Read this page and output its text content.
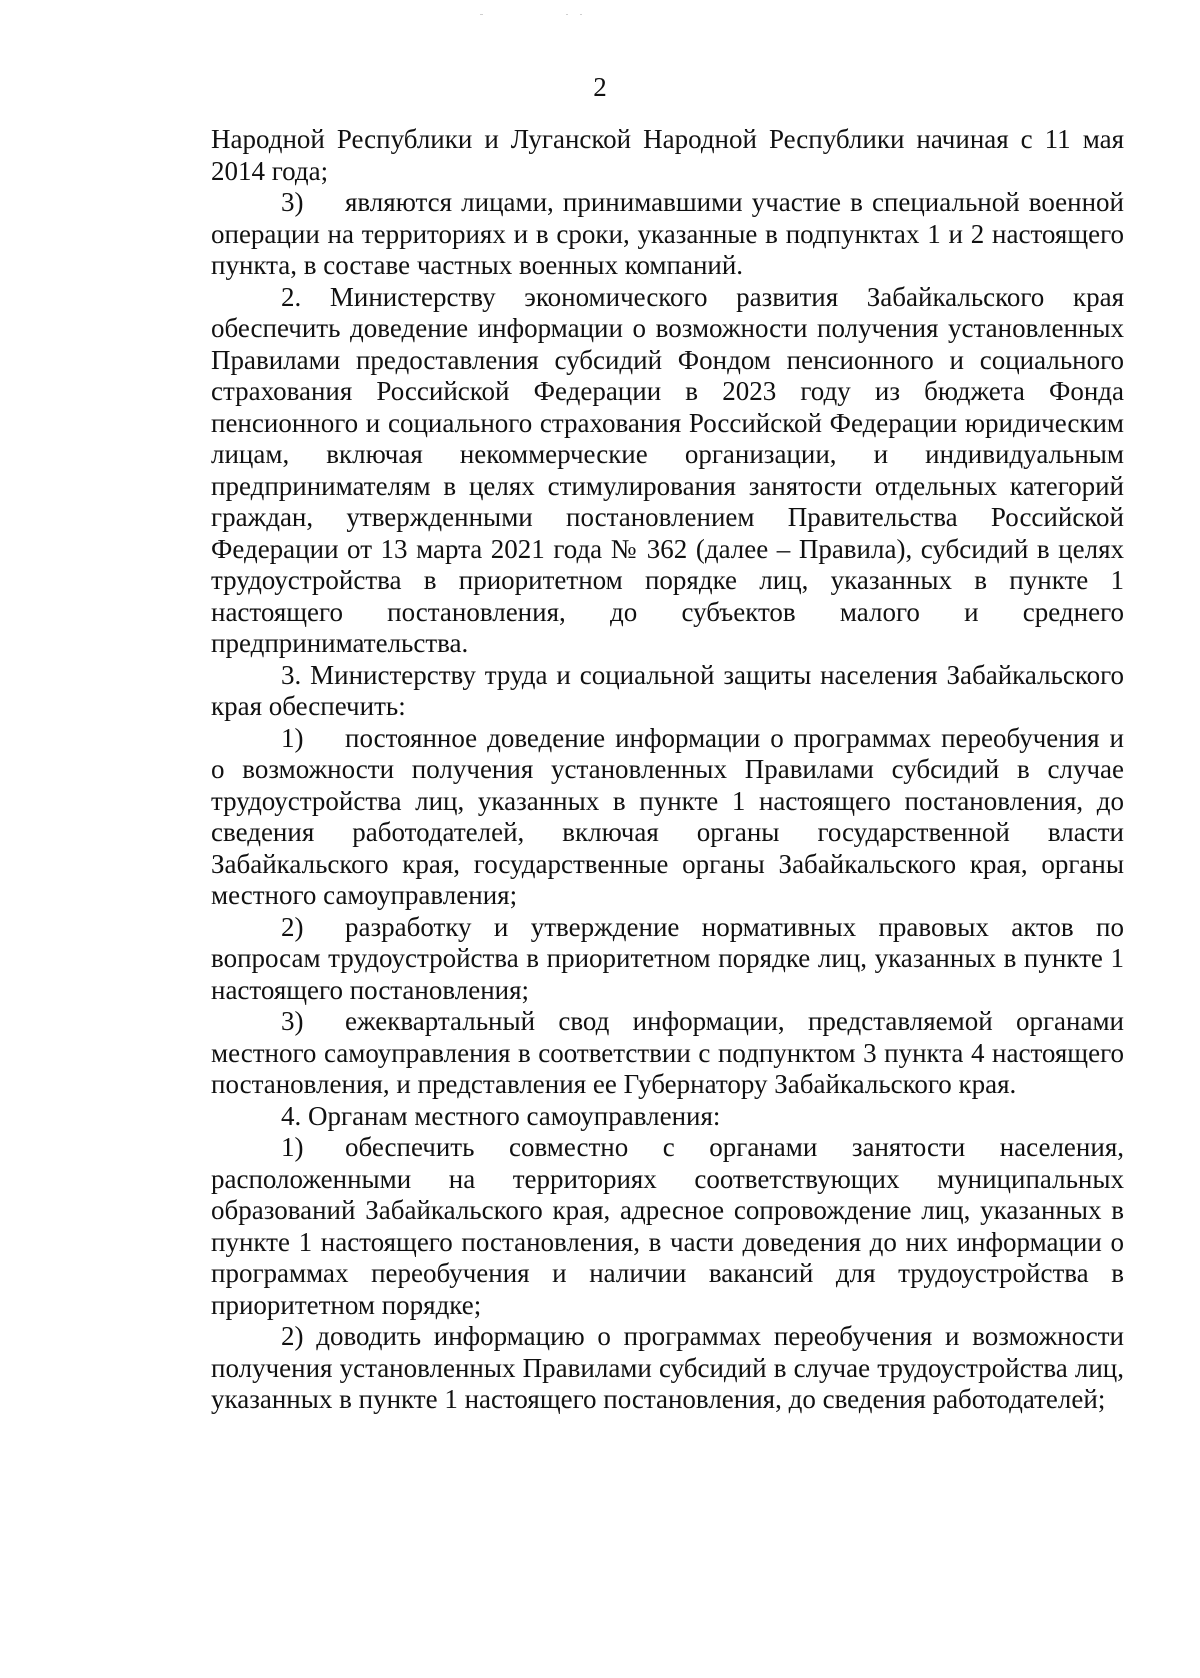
2

Народной Республики и Луганской Народной Республики начиная с 11 мая 2014 года;

3) являются лицами, принимавшими участие в специальной военной операции на территориях и в сроки, указанные в подпунктах 1 и 2 настоящего пункта, в составе частных военных компаний.

2. Министерству экономического развития Забайкальского края обеспечить доведение информации о возможности получения установленных Правилами предоставления субсидий Фондом пенсионного и социального страхования Российской Федерации в 2023 году из бюджета Фонда пенсионного и социального страхования Российской Федерации юридическим лицам, включая некоммерческие организации, и индивидуальным предпринимателям в целях стимулирования занятости отдельных категорий граждан, утвержденными постановлением Правительства Российской Федерации от 13 марта 2021 года № 362 (далее – Правила), субсидий в целях трудоустройства в приоритетном порядке лиц, указанных в пункте 1 настоящего постановления, до субъектов малого и среднего предпринимательства.

3. Министерству труда и социальной защиты населения Забайкальского края обеспечить:

1) постоянное доведение информации о программах переобучения и о возможности получения установленных Правилами субсидий в случае трудоустройства лиц, указанных в пункте 1 настоящего постановления, до сведения работодателей, включая органы государственной власти Забайкальского края, государственные органы Забайкальского края, органы местного самоуправления;

2) разработку и утверждение нормативных правовых актов по вопросам трудоустройства в приоритетном порядке лиц, указанных в пункте 1 настоящего постановления;

3) ежеквартальный свод информации, представляемой органами местного самоуправления в соответствии с подпунктом 3 пункта 4 настоящего постановления, и представления ее Губернатору Забайкальского края.

4. Органам местного самоуправления:

1) обеспечить совместно с органами занятости населения, расположенными на территориях соответствующих муниципальных образований Забайкальского края, адресное сопровождение лиц, указанных в пункте 1 настоящего постановления, в части доведения до них информации о программах переобучения и наличии вакансий для трудоустройства в приоритетном порядке;

2) доводить информацию о программах переобучения и возможности получения установленных Правилами субсидий в случае трудоустройства лиц, указанных в пункте 1 настоящего постановления, до сведения работодателей;
